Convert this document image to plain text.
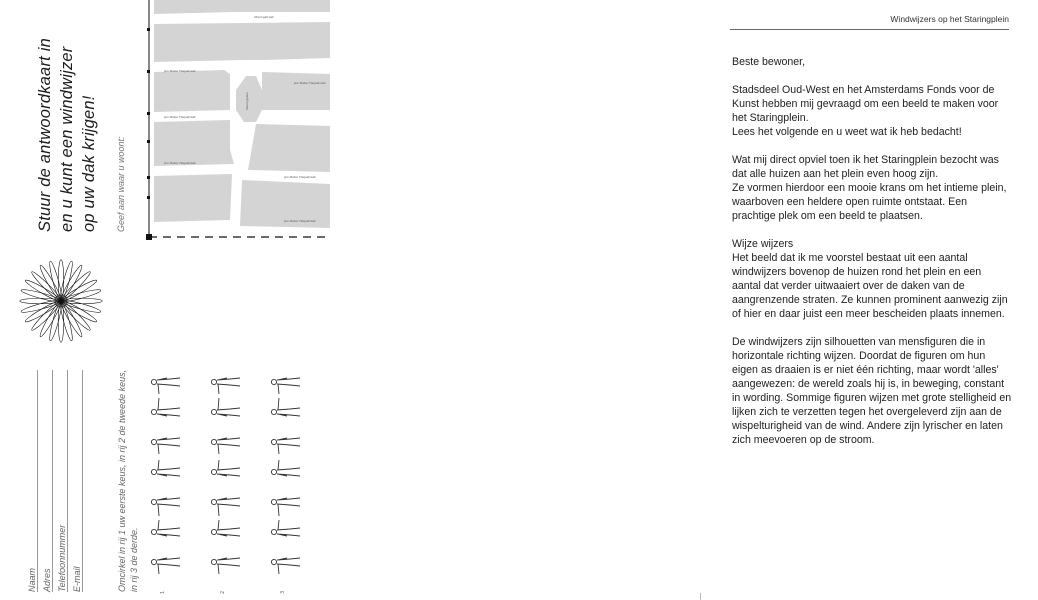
Stuur de antwoordkaart in en u kunt een windwijzer op uw dak krijgen! Geef aan waar u woont:
Jan Pieter Heijestraat
Jan Pieter Heijestraat
Jan Pieter Heijestraat
Jan Pieter Heijestraat
Jan Pieter Heijestraat
Jan Pieter Heijestraat
Staringstraat
Staringplein
1	2	3
Omcirkel in rij 1 uw eerste keus, in rij 2 de tweede keus, in rij 3 de derde.
Naam Adres Telefoonnummer E-mail
Windwijzers op het Staringplein

Beste bewoner,

Stadsdeel Oud-West en het Amsterdams Fonds voor de Kunst hebben mij gevraagd om een beeld te maken voor het Staringplein.
Lees het volgende en u weet wat ik heb bedacht!

Wat mij direct opviel toen ik het Staringplein bezocht was dat alle huizen aan het plein even hoog zijn.
Ze vormen hierdoor een mooie krans om het intieme plein, waarboven een heldere open ruimte ontstaat. Een prachtige plek om een beeld te plaatsen.

Wijze wijzers

Het beeld dat ik me voorstel bestaat uit een aantal windwijzers bovenop de huizen rond het plein en een aantal dat verder uitwaaiert over de daken van de aangrenzende straten. Ze kunnen prominent aanwezig zijn of hier en daar juist een meer bescheiden plaats innemen.

De windwijzers zijn silhouetten van mensfiguren die in horizontale richting wijzen. Doordat de figuren om hun eigen as draaien is er niet één richting, maar wordt 'alles' aangewezen: de wereld zoals hij is, in beweging, constant in wording. Sommige figuren wijzen met grote stelligheid en lijken zich te verzetten tegen het overgeleverd zijn aan de wispelturigheid van de wind. Andere zijn lyrischer en laten zich meevoeren op de stroom.
